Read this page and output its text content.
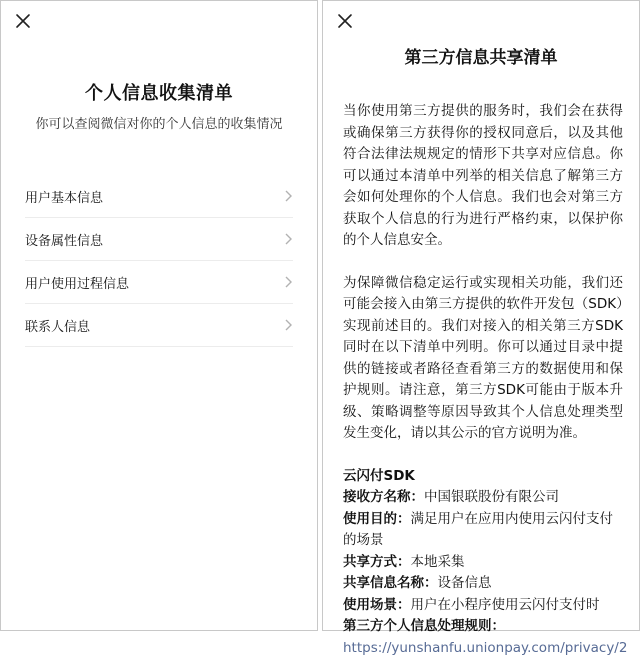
个人信息收集清单
你可以查阅微信对你的个人信息的收集情况
用户基本信息
设备属性信息
用户使用过程信息
联系人信息
第三方信息共享清单

当你使用第三方提供的服务时，我们会在获得或确保第三方获得你的授权同意后，以及其他符合法律法规规定的情形下共享对应信息。你可以通过本清单中列举的相关信息了解第三方会如何处理你的个人信息。我们也会对第三方获取个人信息的行为进行严格约束，以保护你的个人信息安全。

为保障微信稳定运行或实现相关功能，我们还可能会接入由第三方提供的软件开发包（SDK）实现前述目的。我们对接入的相关第三方SDK同时在以下清单中列明。你可以通过目录中提供的链接或者路径查看第三方的数据使用和保护规则。请注意，第三方SDK可能由于版本升级、策略调整等原因导致其个人信息处理类型发生变化，请以其公示的官方说明为准。

云闪付SDK
接收方名称：中国银联股份有限公司
使用目的：满足用户在应用内使用云闪付支付的场景
共享方式：本地采集
共享信息名称：设备信息
使用场景：用户在小程序使用云闪付支付时
第三方个人信息处理规则：
https://yunshanfu.unionpay.com/privacy/2
